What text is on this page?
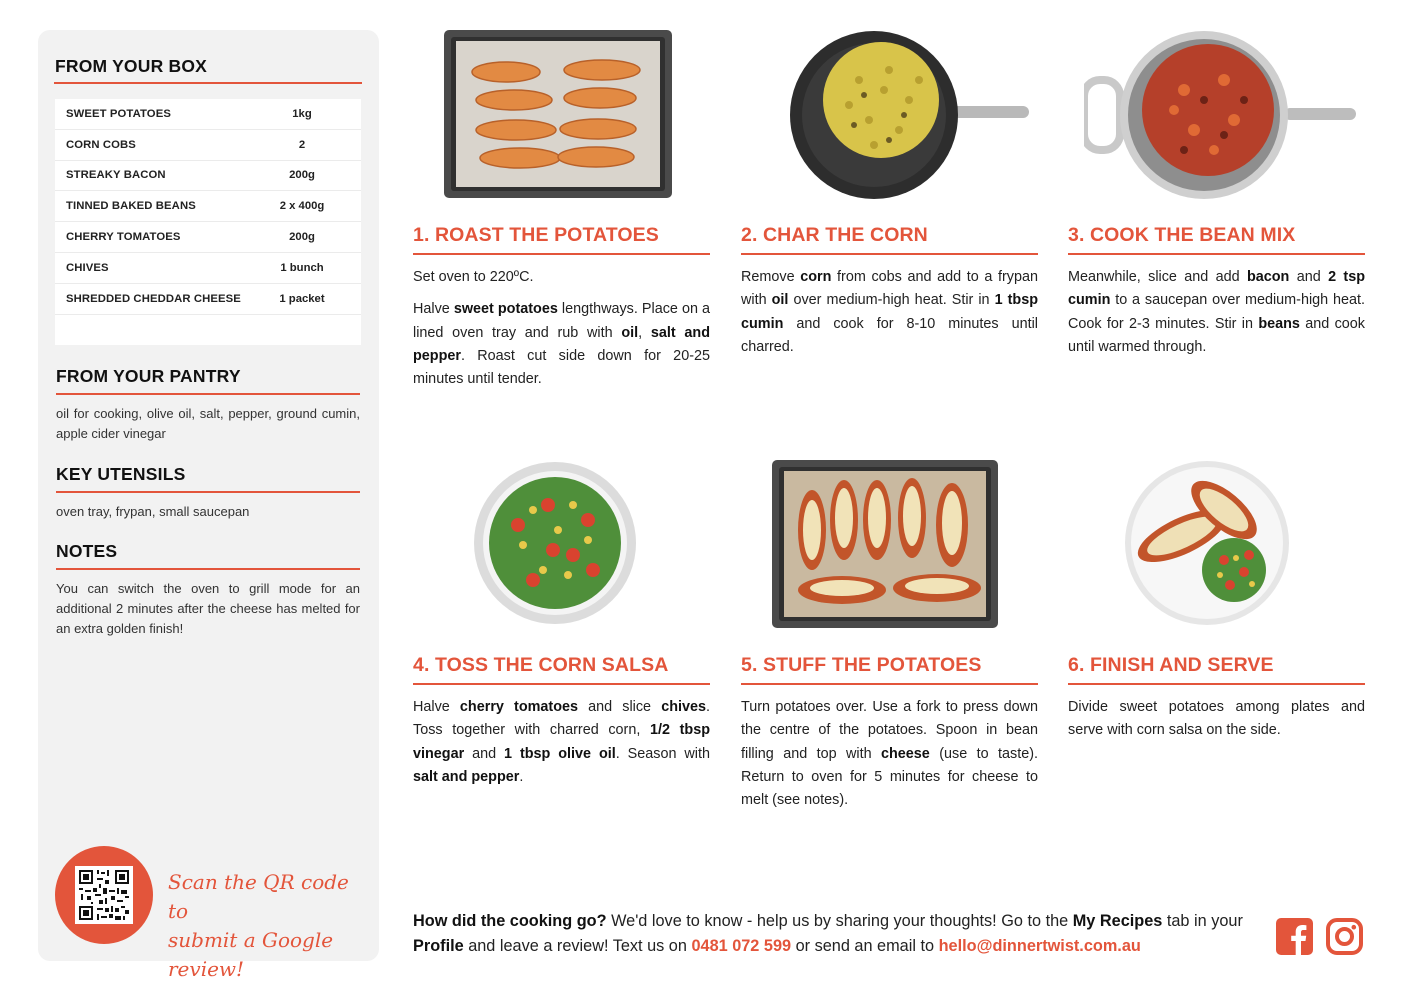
FROM YOUR BOX
SWEET POTATOES	1kg
CORN COBS	2
STREAKY BACON	200g
TINNED BAKED BEANS	2 x 400g
CHERRY TOMATOES	200g
CHIVES	1 bunch
SHREDDED CHEDDAR CHEESE	1 packet
FROM YOUR PANTRY
oil for cooking, olive oil, salt, pepper, ground cumin, apple cider vinegar
KEY UTENSILS
oven tray, frypan, small saucepan
NOTES
You can switch the oven to grill mode for an additional 2 minutes after the cheese has melted for an extra golden finish!
Scan the QR code to
submit a Google review!
1. ROAST THE POTATOES

Set oven to 220ºC.

Halve sweet potatoes lengthways. Place on a lined oven tray and rub with oil, salt and pepper. Roast cut side down for 20-25 minutes until tender.

2. CHAR THE CORN

Remove corn from cobs and add to a frypan with oil over medium-high heat. Stir in 1 tbsp cumin and cook for 8-10 minutes until charred.

3. COOK THE BEAN MIX

Meanwhile, slice and add bacon and 2 tsp cumin to a saucepan over medium-high heat. Cook for 2-3 minutes. Stir in beans and cook until warmed through.

4. TOSS THE CORN SALSA

Halve cherry tomatoes and slice chives. Toss together with charred corn, 1/2 tbsp vinegar and 1 tbsp olive oil. Season with salt and pepper.

5. STUFF THE POTATOES

Turn potatoes over. Use a fork to press down the centre of the potatoes. Spoon in bean filling and top with cheese (use to taste). Return to oven for 5 minutes for cheese to melt (see notes).

6. FINISH AND SERVE

Divide sweet potatoes among plates and serve with corn salsa on the side.

How did the cooking go? We'd love to know - help us by sharing your thoughts! Go to the My Recipes tab in your Profile and leave a review! Text us on 0481 072 599 or send an email to hello@dinnertwist.com.au
